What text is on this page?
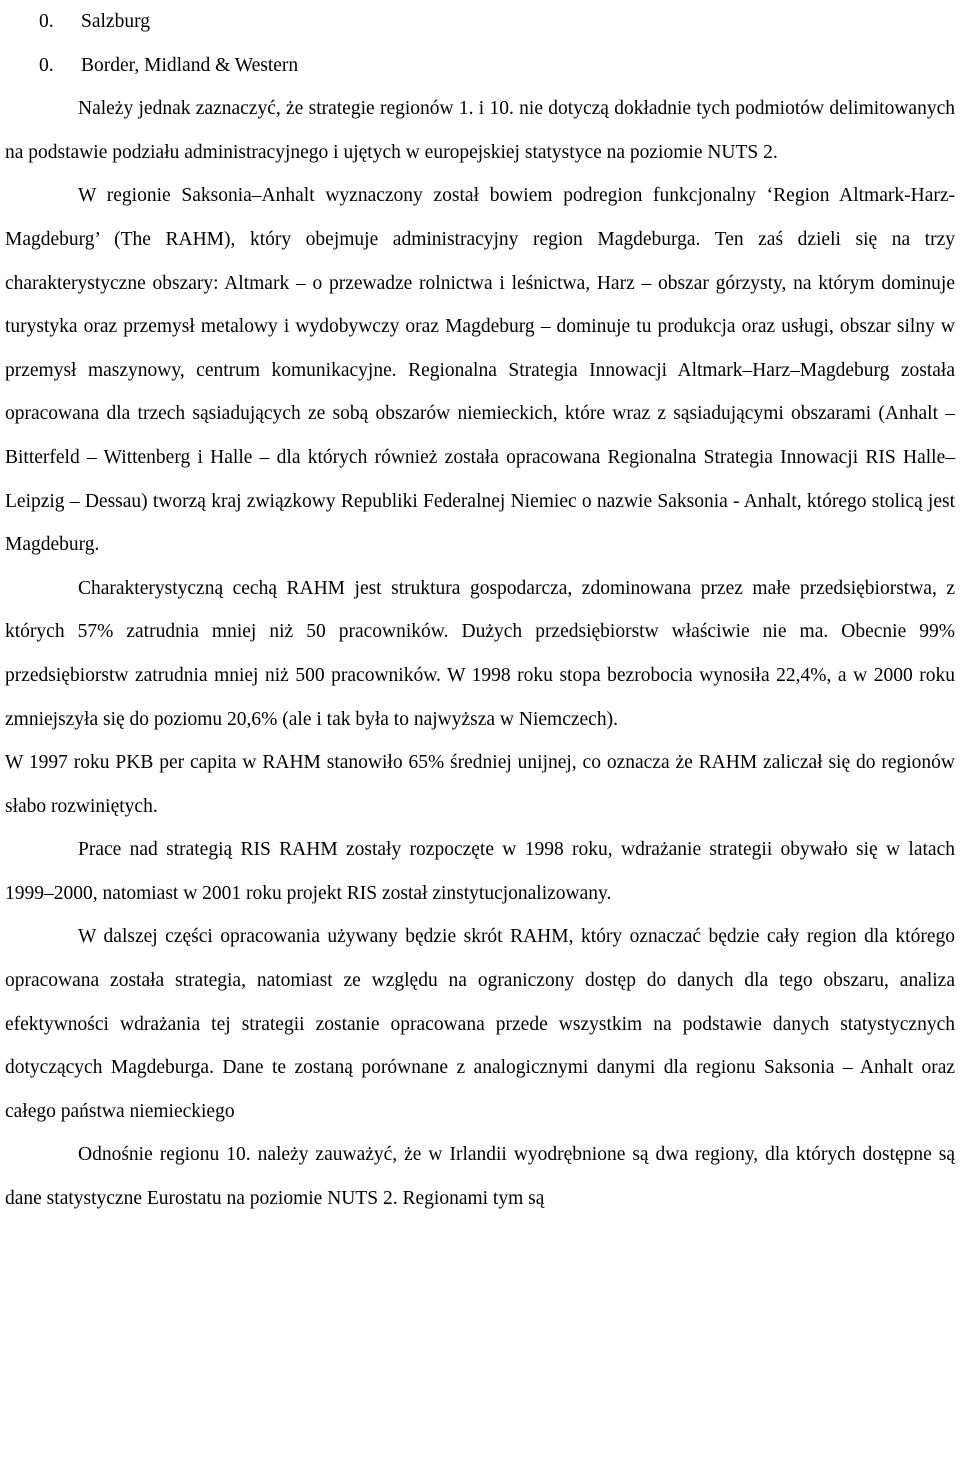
0. Salzburg
0. Border, Midland & Western

Należy jednak zaznaczyć, że strategie regionów 1. i 10. nie dotyczą dokładnie tych podmiotów delimitowanych na podstawie podziału administracyjnego i ujętych w europejskiej statystyce na poziomie NUTS 2.

W regionie Saksonia–Anhalt wyznaczony został bowiem podregion funkcjonalny ‘Region Altmark-Harz-Magdeburg’ (The RAHM), który obejmuje administracyjny region Magdeburga. Ten zaś dzieli się na trzy charakterystyczne obszary: Altmark – o przewadze rolnictwa i leśnictwa, Harz – obszar górzysty, na którym dominuje turystyka oraz przemysł metalowy i wydobywczy oraz Magdeburg – dominuje tu produkcja oraz usługi, obszar silny w przemysł maszynowy, centrum komunikacyjne. Regionalna Strategia Innowacji Altmark–Harz–Magdeburg została opracowana dla trzech sąsiadujących ze sobą obszarów niemieckich, które wraz z sąsiadującymi obszarami (Anhalt – Bitterfeld – Wittenberg i Halle – dla których również została opracowana Regionalna Strategia Innowacji RIS Halle–Leipzig – Dessau) tworzą kraj związkowy Republiki Federalnej Niemiec o nazwie Saksonia - Anhalt, którego stolicą jest Magdeburg.

Charakterystyczną cechą RAHM jest struktura gospodarcza, zdominowana przez małe przedsiębiorstwa, z których 57% zatrudnia mniej niż 50 pracowników. Dużych przedsiębiorstw właściwie nie ma. Obecnie 99% przedsiębiorstw zatrudnia mniej niż 500 pracowników. W 1998 roku stopa bezrobocia wynosiła 22,4%, a w 2000 roku zmniejszyła się do poziomu 20,6% (ale i tak była to najwyższa w Niemczech).

W 1997 roku PKB per capita w RAHM stanowiło 65% średniej unijnej, co oznacza że RAHM zaliczał się do regionów słabo rozwiniętych.

Prace nad strategią RIS RAHM zostały rozpoczęte w 1998 roku, wdrażanie strategii obywało się w latach 1999–2000, natomiast w 2001 roku projekt RIS został zinstytucjonalizowany.

W dalszej części opracowania używany będzie skrót RAHM, który oznaczać będzie cały region dla którego opracowana została strategia, natomiast ze względu na ograniczony dostęp do danych dla tego obszaru, analiza efektywności wdrażania tej strategii zostanie opracowana przede wszystkim na podstawie danych statystycznych dotyczących Magdeburga. Dane te zostaną porównane z analogicznymi danymi dla regionu Saksonia – Anhalt oraz całego państwa niemieckiego

Odnośnie regionu 10. należy zauważyć, że w Irlandii wyodrębnione są dwa regiony, dla których dostępne są dane statystyczne Eurostatu na poziomie NUTS 2. Regionami tym są
